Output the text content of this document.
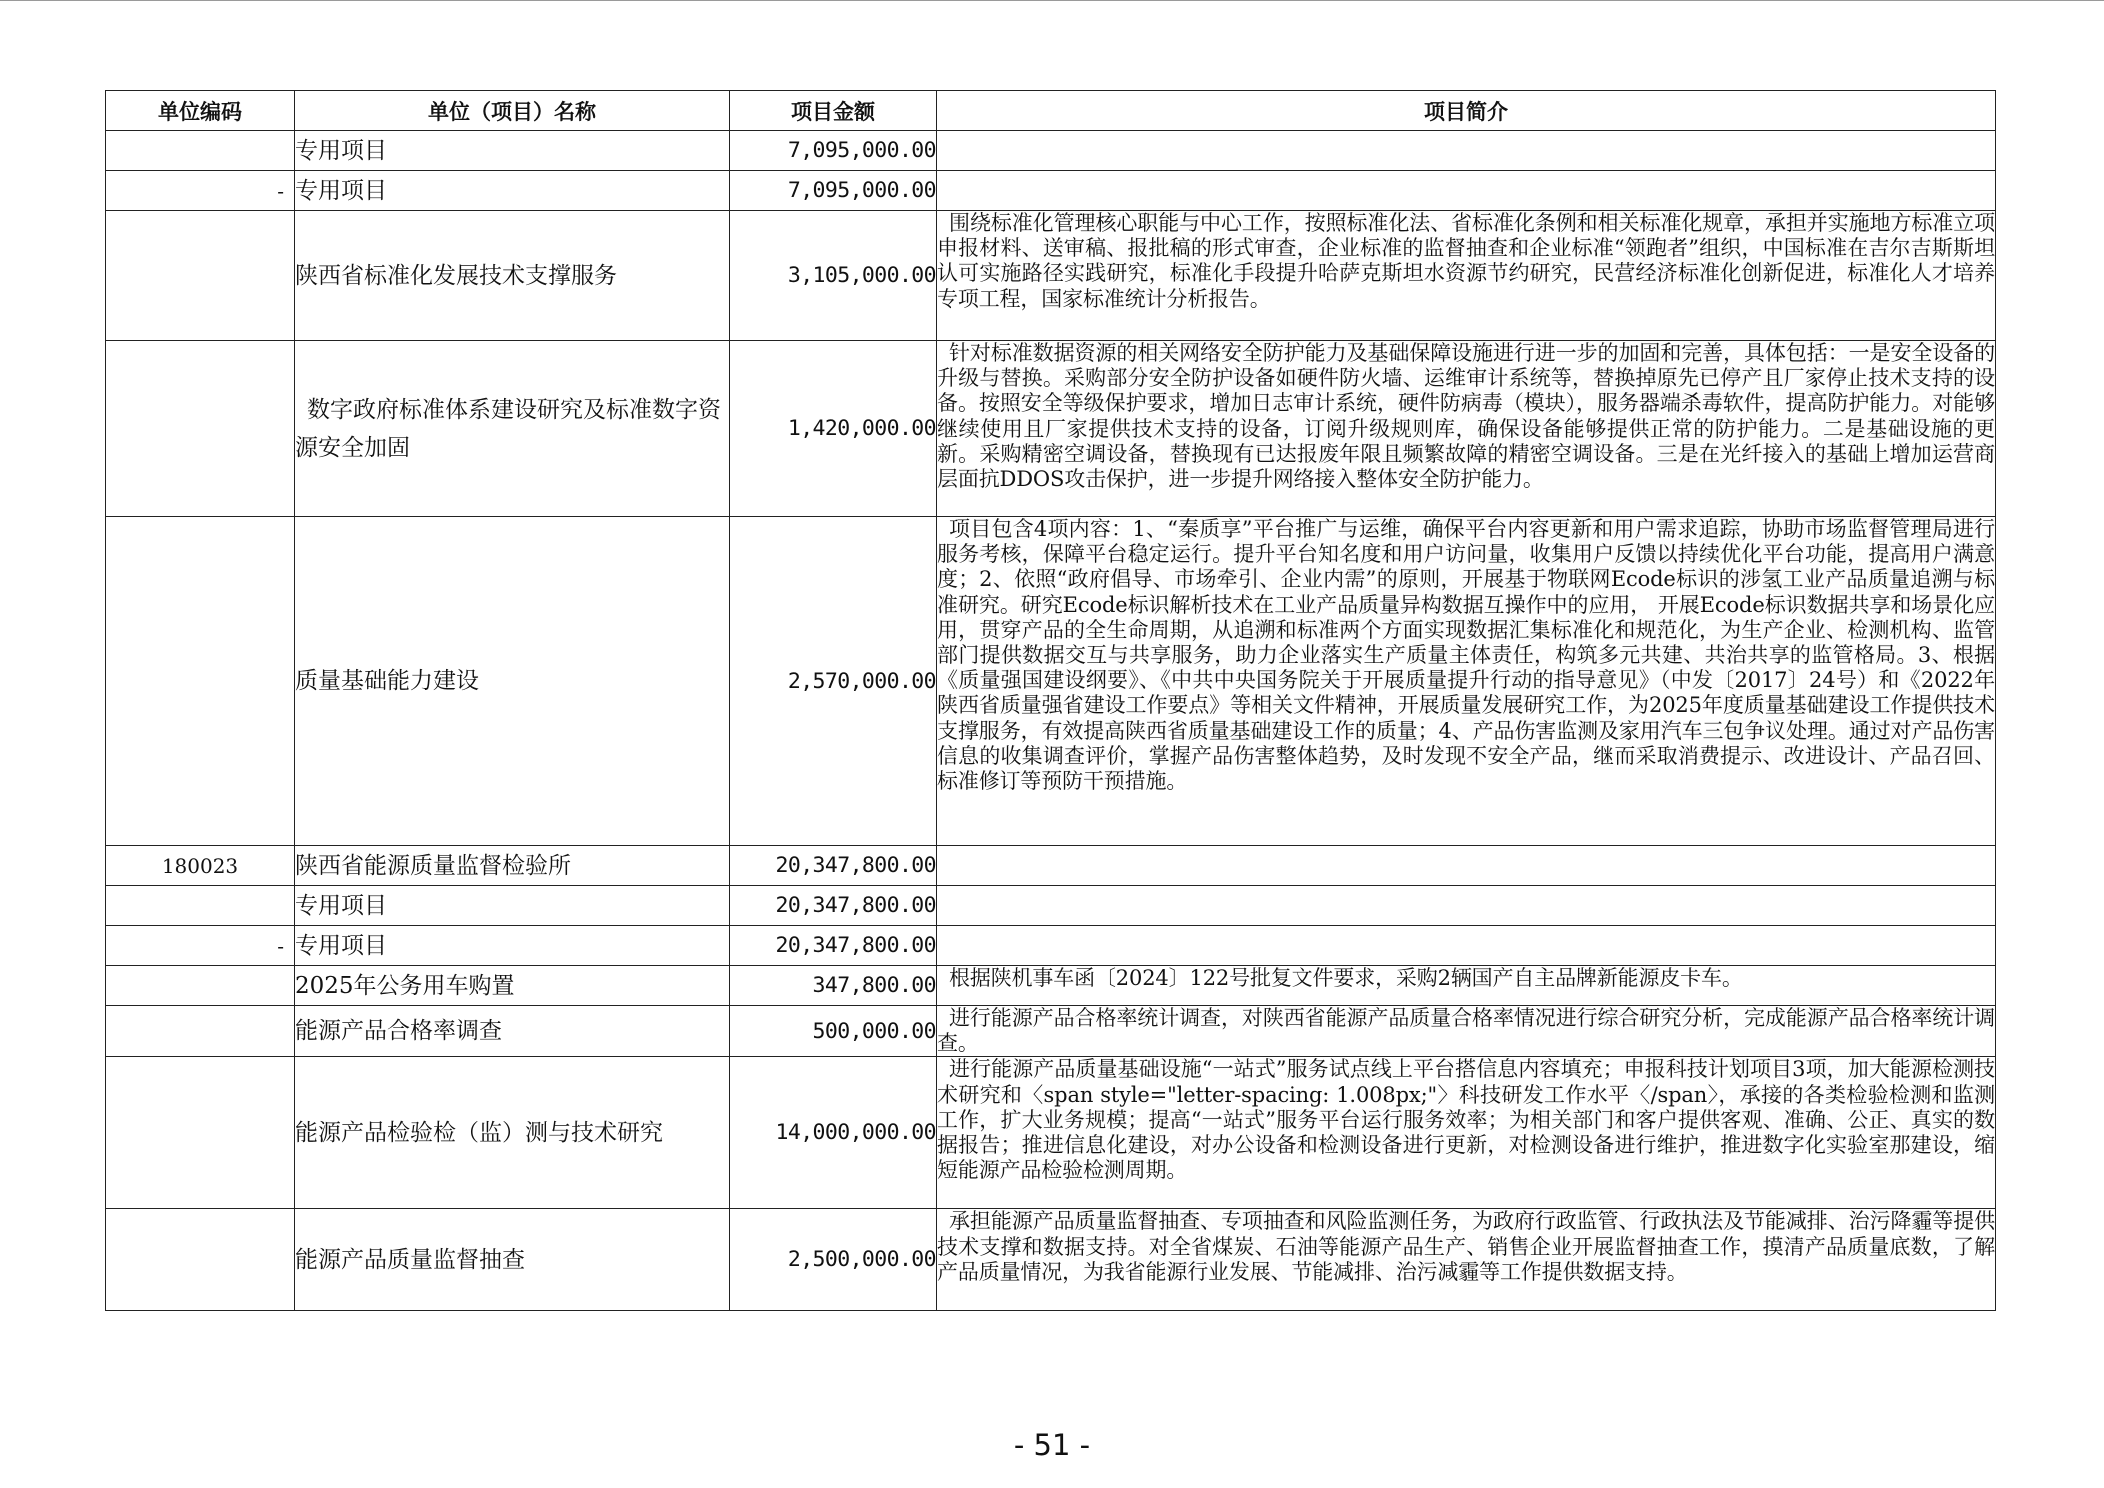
单位编码	单位（项目）名称	项目金额	项目简介
	专用项目	7,095,000.00	
-	专用项目	7,095,000.00	
	陕西省标准化发展技术支撑服务	3,105,000.00	围绕标准化管理核心职能与中心工作，按照标准化法、省标准化条例和相关标准化规章，承担并实施地方标准立项申报材料、送审稿、报批稿的形式审查，企业标准的监督抽查和企业标准“领跑者”组织，中国标准在吉尔吉斯斯坦认可实施路径实践研究，标准化手段提升哈萨克斯坦水资源节约研究，民营经济标准化创新促进，标准化人才培养专项工程，国家标准统计分析报告。
	数字政府标准体系建设研究及标准数字资源安全加固	1,420,000.00	针对标准数据资源的相关网络安全防护能力及基础保障设施进行进一步的加固和完善，具体包括：一是安全设备的升级与替换。采购部分安全防护设备如硬件防火墙、运维审计系统等，替换掉原先已停产且厂家停止技术支持的设备。按照安全等级保护要求，增加日志审计系统，硬件防病毒（模块），服务器端杀毒软件，提高防护能力。对能够继续使用且厂家提供技术支持的设备，订阅升级规则库，确保设备能够提供正常的防护能力。二是基础设施的更新。采购精密空调设备，替换现有已达报废年限且频繁故障的精密空调设备。三是在光纤接入的基础上增加运营商层面抗DDOS攻击保护，进一步提升网络接入整体安全防护能力。
	质量基础能力建设	2,570,000.00	项目包含4项内容：1、“秦质享”平台推广与运维，确保平台内容更新和用户需求追踪，协助市场监督管理局进行服务考核，保障平台稳定运行。提升平台知名度和用户访问量，收集用户反馈以持续优化平台功能，提高用户满意度；2、依照“政府倡导、市场牵引、企业内需”的原则，开展基于物联网Ecode标识的涉氢工业产品质量追溯与标准研究。研究Ecode标识解析技术在工业产品质量异构数据互操作中的应用， 开展Ecode标识数据共享和场景化应用，贯穿产品的全生命周期，从追溯和标准两个方面实现数据汇集标准化和规范化，为生产企业、检测机构、监管部门提供数据交互与共享服务，助力企业落实生产质量主体责任，构筑多元共建、共治共享的监管格局。3、根据《质量强国建设纲要》、《中共中央国务院关于开展质量提升行动的指导意见》（中发〔2017〕24号）和《2022年陕西省质量强省建设工作要点》等相关文件精神，开展质量发展研究工作，为2025年度质量基础建设工作提供技术支撑服务，有效提高陕西省质量基础建设工作的质量；4、产品伤害监测及家用汽车三包争议处理。通过对产品伤害信息的收集调查评价，掌握产品伤害整体趋势，及时发现不安全产品，继而采取消费提示、改进设计、产品召回、标准修订等预防干预措施。
180023	陕西省能源质量监督检验所	20,347,800.00	
	专用项目	20,347,800.00	
-	专用项目	20,347,800.00	
	2025年公务用车购置	347,800.00	根据陕机事车函〔2024〕122号批复文件要求，采购2辆国产自主品牌新能源皮卡车。
	能源产品合格率调查	500,000.00	进行能源产品合格率统计调查，对陕西省能源产品质量合格率情况进行综合研究分析，完成能源产品合格率统计调查。
	能源产品检验检（监）测与技术研究	14,000,000.00	进行能源产品质量基础设施“一站式”服务试点线上平台搭信息内容填充；申报科技计划项目3项，加大能源检测技术研究和〈span style="letter-spacing: 1.008px;"〉科技研发工作水平〈/span〉，承接的各类检验检测和监测工作，扩大业务规模；提高“一站式”服务平台运行服务效率；为相关部门和客户提供客观、准确、公正、真实的数据报告；推进信息化建设，对办公设备和检测设备进行更新，对检测设备进行维护，推进数字化实验室那建设，缩短能源产品检验检测周期。
	能源产品质量监督抽查	2,500,000.00	承担能源产品质量监督抽查、专项抽查和风险监测任务，为政府行政监管、行政执法及节能减排、治污降霾等提供技术支撑和数据支持。对全省煤炭、石油等能源产品生产、销售企业开展监督抽查工作，摸清产品质量底数，了解产品质量情况，为我省能源行业发展、节能减排、治污减霾等工作提供数据支持。
- 51 -
